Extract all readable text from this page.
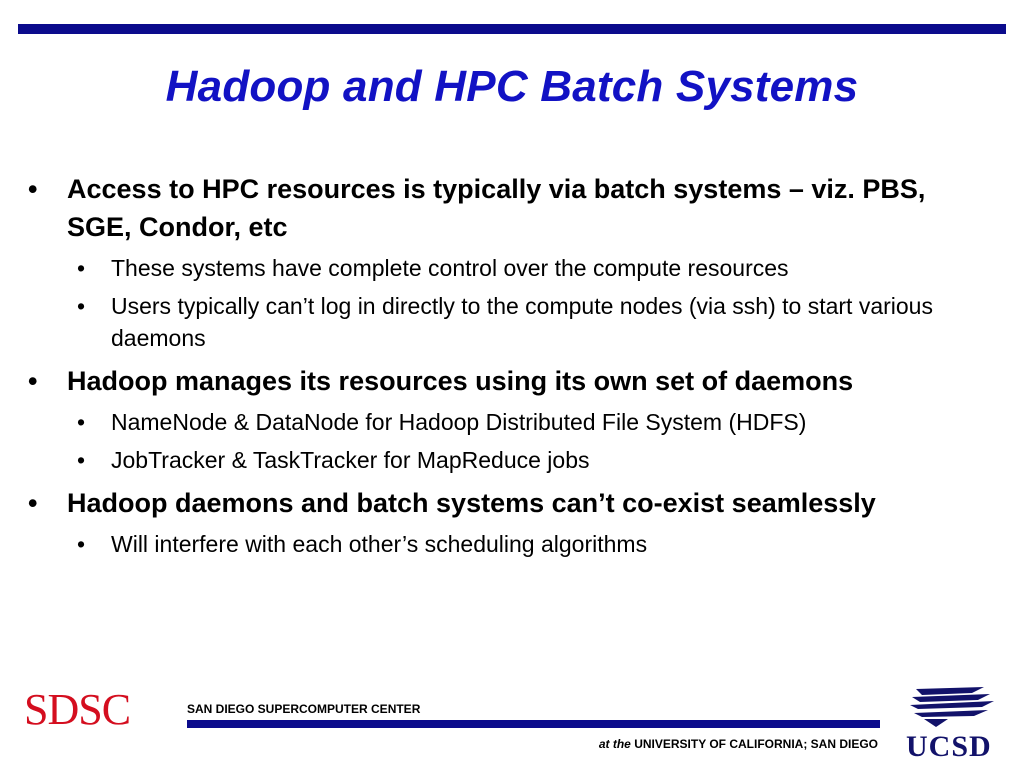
Hadoop and HPC Batch Systems
• Access to HPC resources is typically via batch systems – viz. PBS, SGE, Condor, etc
• These systems have complete control over the compute resources
• Users typically can’t log in directly to the compute nodes (via ssh) to start various daemons
• Hadoop manages its resources using its own set of daemons
• NameNode & DataNode for Hadoop Distributed File System (HDFS)
• JobTracker & TaskTracker for MapReduce jobs
• Hadoop daemons and batch systems can’t co-exist seamlessly
• Will interfere with each other’s scheduling algorithms
SDSC	SAN DIEGO SUPERCOMPUTER CENTER
at the UNIVERSITY OF CALIFORNIA; SAN DIEGO UCSD
